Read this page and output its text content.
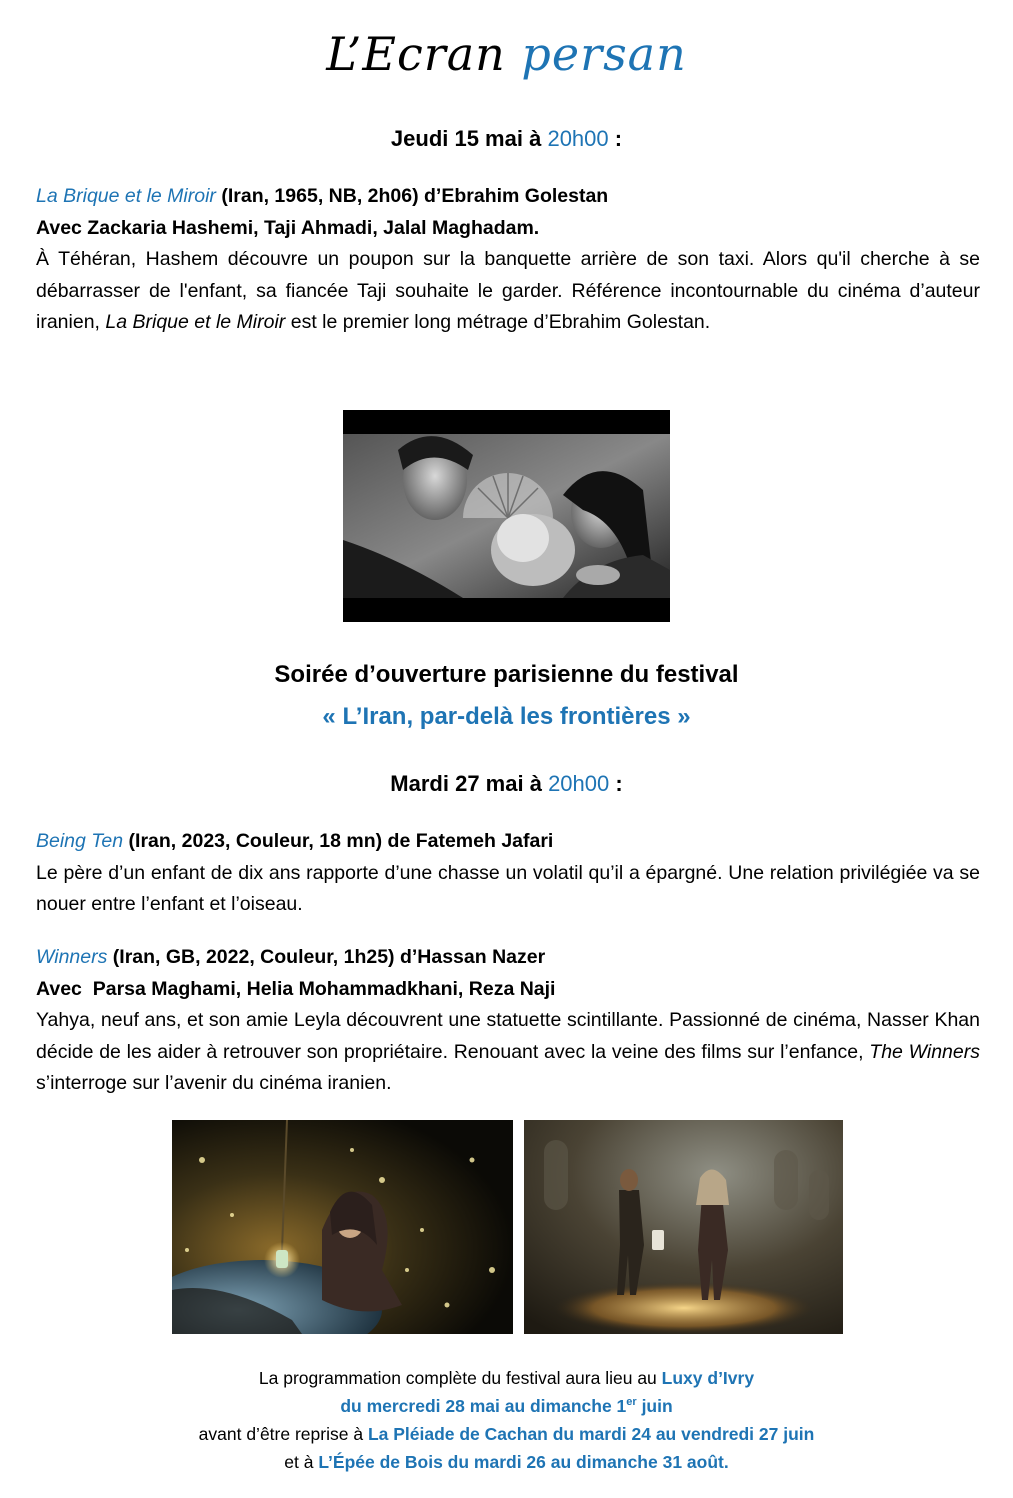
L’Ecran persan
Jeudi 15 mai à 20h00 :

La Brique et le Miroir (Iran, 1965, NB, 2h06) d’Ebrahim Golestan

Avec Zackaria Hashemi, Taji Ahmadi, Jalal Maghadam.

À Téhéran, Hashem découvre un poupon sur la banquette arrière de son taxi. Alors qu'il cherche à se débarrasser de l'enfant, sa fiancée Taji souhaite le garder. Référence incontournable du cinéma d’auteur iranien, La Brique et le Miroir est le premier long métrage d’Ebrahim Golestan.

Soirée d’ouverture parisienne du festival
« L’Iran, par-delà les frontières »
Mardi 27 mai à 20h00 :

Being Ten (Iran, 2023, Couleur, 18 mn) de Fatemeh Jafari

Le père d’un enfant de dix ans rapporte d’une chasse un volatil qu’il a épargné. Une relation privilégiée va se nouer entre l’enfant et l’oiseau.

Winners (Iran, GB, 2022, Couleur, 1h25) d’Hassan Nazer

Avec  Parsa Maghami, Helia Mohammadkhani, Reza Naji

Yahya, neuf ans, et son amie Leyla découvrent une statuette scintillante. Passionné de cinéma, Nasser Khan décide de les aider à retrouver son propriétaire. Renouant avec la veine des films sur l’enfance, The Winners s’interroge sur l’avenir du cinéma iranien.

La programmation complète du festival aura lieu au Luxy d’Ivry
du mercredi 28 mai au dimanche 1er juin
avant d’être reprise à La Pléiade de Cachan du mardi 24 au vendredi 27 juin
et à L’Épée de Bois du mardi 26 au dimanche 31 août.
